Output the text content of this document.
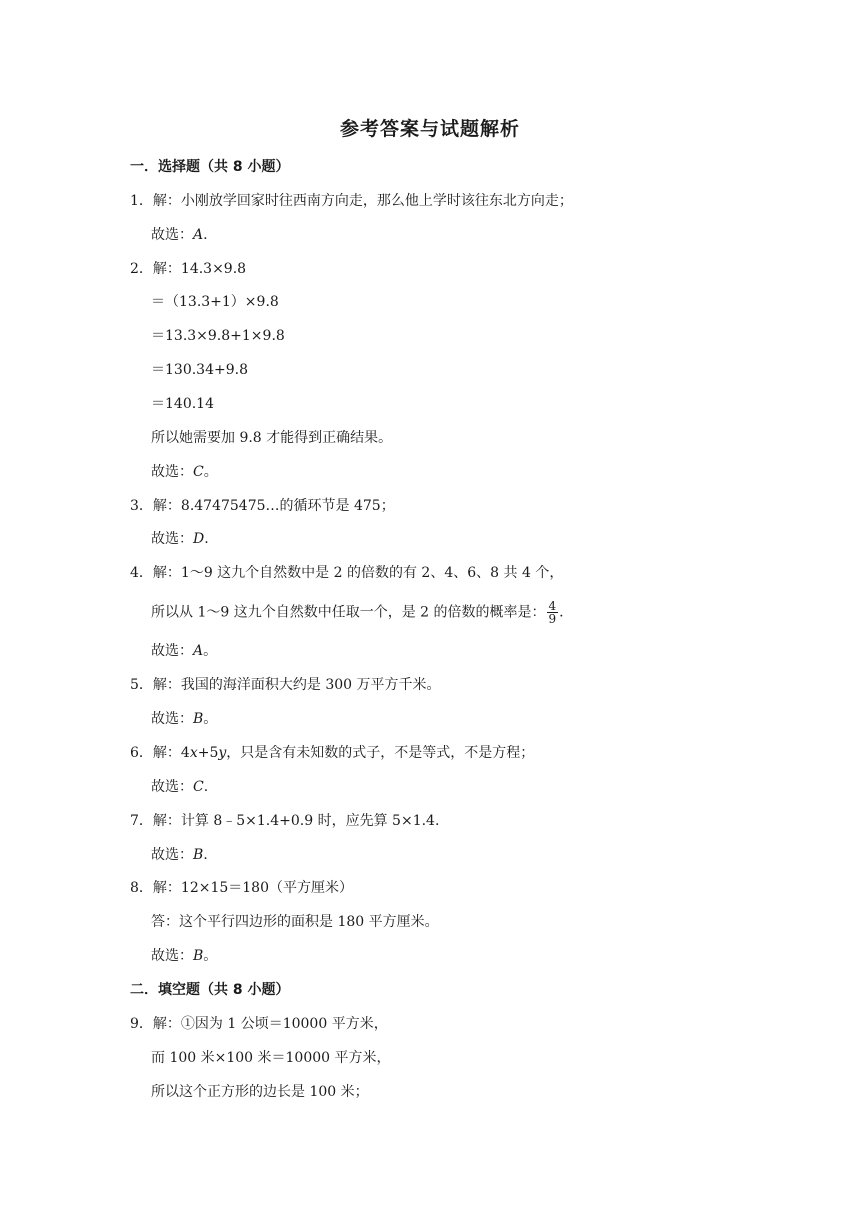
参考答案与试题解析
一．选择题（共 8 小题）
1．解：小刚放学回家时往西南方向走，那么他上学时该往东北方向走；
故选：A.
2．解：14.3×9.8
＝（13.3+1）×9.8
＝13.3×9.8+1×9.8
＝130.34+9.8
＝140.14
所以她需要加 9.8 才能得到正确结果。
故选：C。
3．解：8.47475475…的循环节是 475；
故选：D.
4．解：1～9 这九个自然数中是 2 的倍数的有 2、4、6、8 共 4 个，
所以从 1～9 这九个自然数中任取一个，是 2 的倍数的概率是： $\frac{4}{9}$ .
故选：A。
5．解：我国的海洋面积大约是 300 万平方千米。
故选：B。
6．解：4x+5y，只是含有未知数的式子，不是等式，不是方程；
故选：C.
7．解：计算 8﹣5×1.4+0.9 时，应先算 5×1.4.
故选：B.
8．解：12×15＝180（平方厘米）
答：这个平行四边形的面积是 180 平方厘米。
故选：B。
二．填空题（共 8 小题）
9．解：①因为 1 公顷＝10000 平方米，
而 100 米×100 米＝10000 平方米，
所以这个正方形的边长是 100 米；
